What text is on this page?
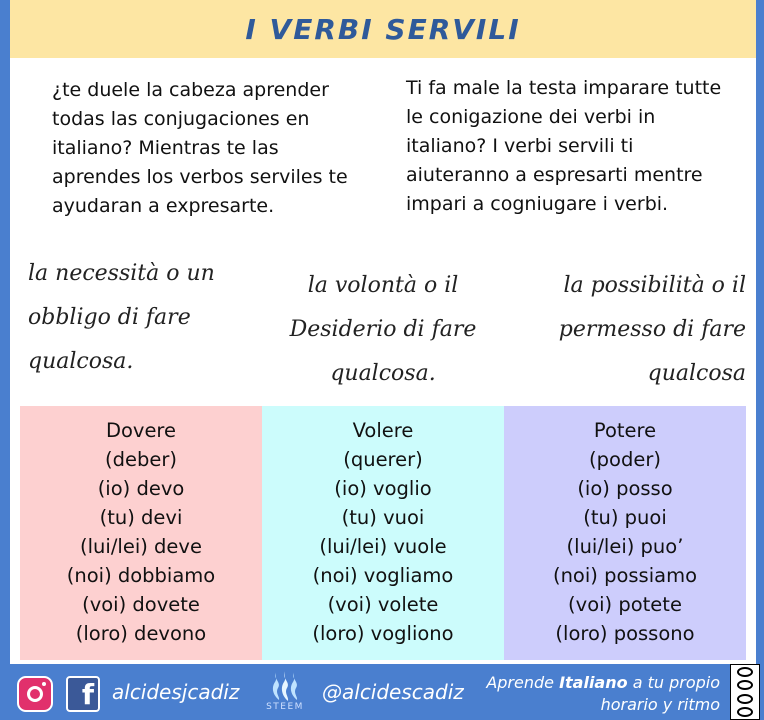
I VERBI SERVILI

¿te duele la cabeza aprender
todas las conjugaciones en
italiano? Mientras te las
aprendes los verbos serviles te
ayudaran a expresarte.

Ti fa male la testa imparare tutte
le conigazione dei verbi in
italiano? I verbi servili ti
aiuteranno a espresarti mentre
impari a cogniugare i verbi.

la necessità o un
obbligo di fare
qualcosa.

la volontà o il
Desiderio di fare
qualcosa.

la possibilità o il
permesso di fare
qualcosa

Dovere
(deber)
(io) devo
(tu) devi
(lui/lei) deve
(noi) dobbiamo
(voi) dovete
(loro) devono
Volere
(querer)
(io) voglio
(tu) vuoi
(lui/lei) vuole
(noi) vogliamo
(voi) volete
(loro) vogliono
Potere
(poder)
(io) posso
(tu) puoi
(lui/lei) puo’
(noi) possiamo
(voi) potete
(loro) possono
f alcidesjcadiz
STEEM
@alcidescadiz	Aprende Italiano a tu propio
horario y ritmo
